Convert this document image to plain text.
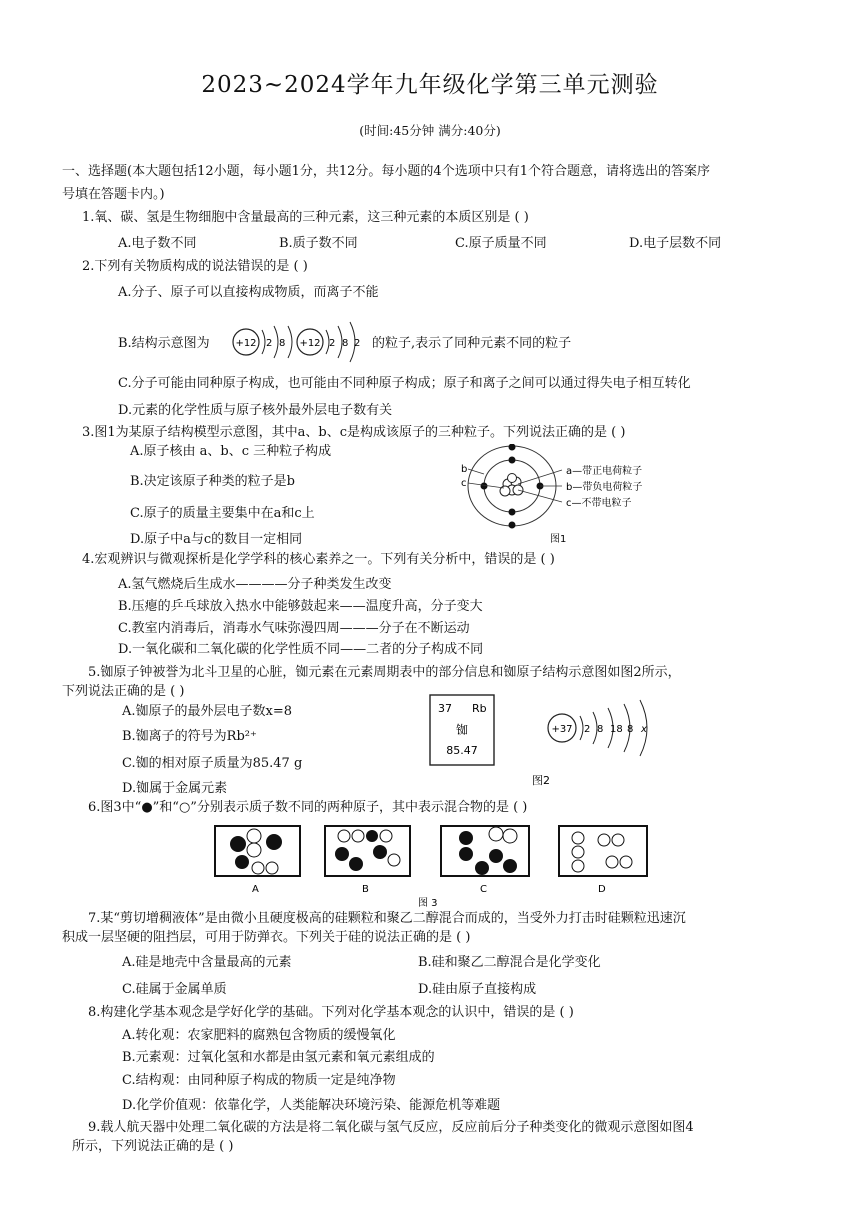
2023~2024学年九年级化学第三单元测验
(时间:45分钟 满分:40分)
一、选择题(本大题包括12小题，每小题1分，共12分。每小题的4个选项中只有1个符合题意，请将选出的答案序
号填在答题卡内。)
1.氧、碳、氢是生物细胞中含量最高的三种元素，这三种元素的本质区别是 ( )
A.电子数不同	B.质子数不同	C.原子质量不同	D.电子层数不同
2.下列有关物质构成的说法错误的是 ( )
A.分子、原子可以直接构成物质，而离子不能
B.结构示意图为	+12 2 8 +12 2 8 2 的粒子,表示了同种元素不同的粒子
C.分子可能由同种原子构成，也可能由不同种原子构成；原子和离子之间可以通过得失电子相互转化
D.元素的化学性质与原子核外最外层电子数有关
3.图1为某原子结构模型示意图，其中a、b、c是构成该原子的三种粒子。下列说法正确的是 ( )
A.原子核由 a、b、c 三种粒子构成
B.决定该原子种类的粒子是b
C.原子的质量主要集中在a和c上
D.原子中a与c的数目一定相同
b
c
a—带正电荷粒子
b—带负电荷粒子
c—不带电粒子
图1
4.宏观辨识与微观探析是化学学科的核心素养之一。下列有关分析中，错误的是 ( )
A.氢气燃烧后生成水————分子种类发生改变
B.压瘪的乒乓球放入热水中能够鼓起来——温度升高，分子变大
C.教室内消毒后，消毒水气味弥漫四周———分子在不断运动
D.一氧化碳和二氧化碳的化学性质不同——二者的分子构成不同
5.铷原子钟被誉为北斗卫星的心脏，铷元素在元素周期表中的部分信息和铷原子结构示意图如图2所示，
下列说法正确的是 ( )
A.铷原子的最外层电子数x=8
B.铷离子的符号为Rb²⁺
C.铷的相对原子质量为85.47 g
D.铷属于金属元素
37 Rb
铷
85.47
+37 2 8 18 8 x
图2
6.图3中“●”和“○”分别表示质子数不同的两种原子，其中表示混合物的是 ( )
A	B	C	D
图 3
7.某“剪切增稠液体”是由微小且硬度极高的硅颗粒和聚乙二醇混合而成的，当受外力打击时硅颗粒迅速沉
积成一层坚硬的阻挡层，可用于防弹衣。下列关于硅的说法正确的是 ( )
A.硅是地壳中含量最高的元素	B.硅和聚乙二醇混合是化学变化
C.硅属于金属单质	D.硅由原子直接构成
8.构建化学基本观念是学好化学的基础。下列对化学基本观念的认识中，错误的是 ( )
A.转化观：农家肥料的腐熟包含物质的缓慢氧化
B.元素观：过氧化氢和水都是由氢元素和氧元素组成的
C.结构观：由同种原子构成的物质一定是纯净物
D.化学价值观：依靠化学，人类能解决环境污染、能源危机等难题
9.载人航天器中处理二氧化碳的方法是将二氧化碳与氢气反应，反应前后分子种类变化的微观示意图如图4
所示，下列说法正确的是 ( )
